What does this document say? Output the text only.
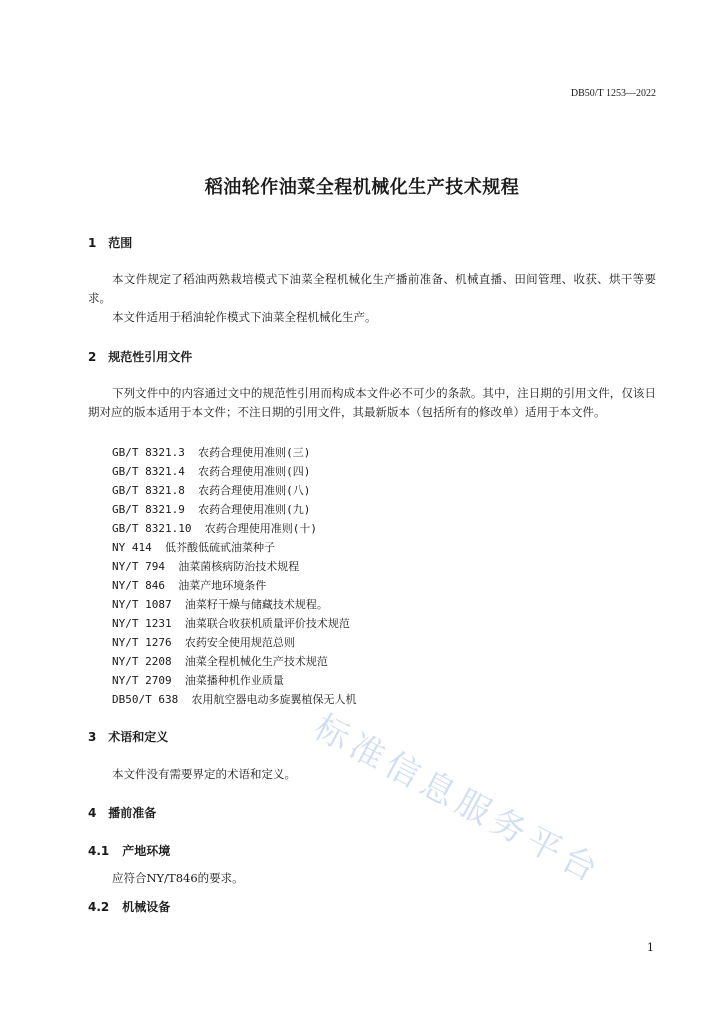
DB50/T 1253—2022
稻油轮作油菜全程机械化生产技术规程
1 范围
本文件规定了稻油两熟栽培模式下油菜全程机械化生产播前准备、机械直播、田间管理、收获、烘干等要求。
本文件适用于稻油轮作模式下油菜全程机械化生产。
2 规范性引用文件
下列文件中的内容通过文中的规范性引用而构成本文件必不可少的条款。其中，注日期的引用文件，仅该日期对应的版本适用于本文件；不注日期的引用文件，其最新版本（包括所有的修改单）适用于本文件。
GB/T 8321.3  农药合理使用准则(三)
GB/T 8321.4  农药合理使用准则(四)
GB/T 8321.8  农药合理使用准则(八)
GB/T 8321.9  农药合理使用准则(九)
GB/T 8321.10  农药合理使用准则(十)
NY 414  低芥酸低硫甙油菜种子
NY/T 794  油菜菌核病防治技术规程
NY/T 846  油菜产地环境条件
NY/T 1087  油菜籽干燥与储藏技术规程。
NY/T 1231  油菜联合收获机质量评价技术规范
NY/T 1276  农药安全使用规范总则
NY/T 2208  油菜全程机械化生产技术规范
NY/T 2709  油菜播种机作业质量
DB50/T 638  农用航空器电动多旋翼植保无人机
3 术语和定义
本文件没有需要界定的术语和定义。
4 播前准备
4.1 产地环境
应符合NY/T846的要求。
4.2 机械设备
标准信息服务平台
1
